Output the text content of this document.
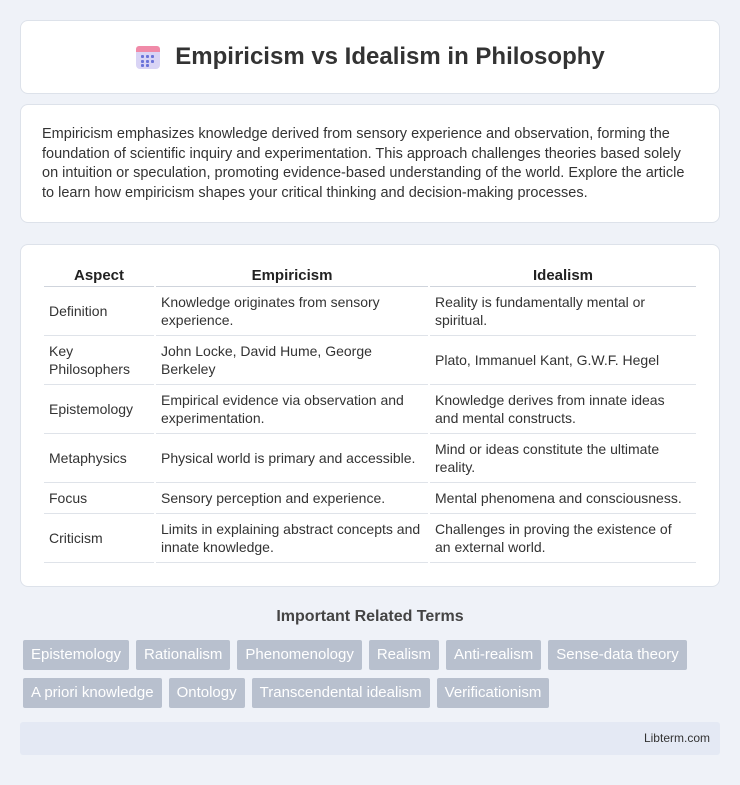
Empiricism vs Idealism in Philosophy

Empiricism emphasizes knowledge derived from sensory experience and observation, forming the foundation of scientific inquiry and experimentation. This approach challenges theories based solely on intuition or speculation, promoting evidence-based understanding of the world. Explore the article to learn how empiricism shapes your critical thinking and decision-making processes.

Aspect	Empiricism	Idealism
Definition	Knowledge originates from sensory experience.	Reality is fundamentally mental or spiritual.
Key Philosophers	John Locke, David Hume, George Berkeley	Plato, Immanuel Kant, G.W.F. Hegel
Epistemology	Empirical evidence via observation and experimentation.	Knowledge derives from innate ideas and mental constructs.
Metaphysics	Physical world is primary and accessible.	Mind or ideas constitute the ultimate reality.
Focus	Sensory perception and experience.	Mental phenomena and consciousness.
Criticism	Limits in explaining abstract concepts and innate knowledge.	Challenges in proving the existence of an external world.
Important Related Terms
Epistemology	Rationalism	Phenomenology	Realism	Anti-realism	Sense-data theory
A priori knowledge	Ontology	Transcendental idealism	Verificationism
Libterm.com
